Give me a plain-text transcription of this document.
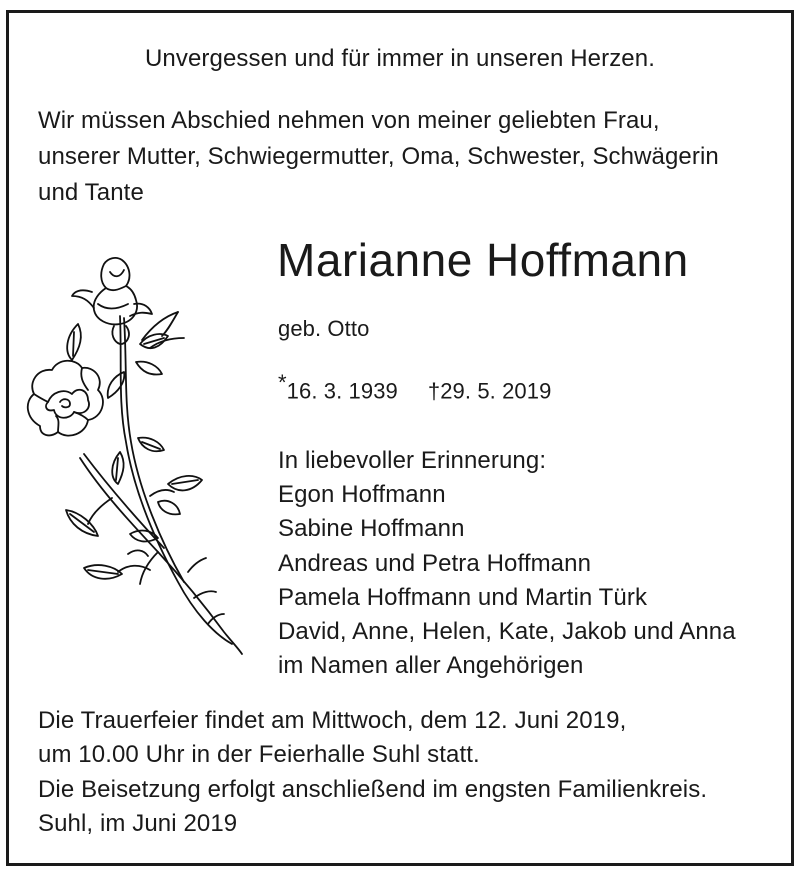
Unvergessen und für immer in unseren Herzen.
Wir müssen Abschied nehmen von meiner geliebten Frau,
unserer Mutter, Schwiegermutter, Oma, Schwester, Schwägerin
und Tante
Marianne Hoffmann
geb. Otto
*16. 3. 1939 †29. 5. 2019
In liebevoller Erinnerung:
Egon Hoffmann
Sabine Hoffmann
Andreas und Petra Hoffmann
Pamela Hoffmann und Martin Türk
David, Anne, Helen, Kate, Jakob und Anna
im Namen aller Angehörigen
Die Trauerfeier findet am Mittwoch, dem 12. Juni 2019,
um 10.00 Uhr in der Feierhalle Suhl statt.
Die Beisetzung erfolgt anschließend im engsten Familienkreis.
Suhl, im Juni 2019
